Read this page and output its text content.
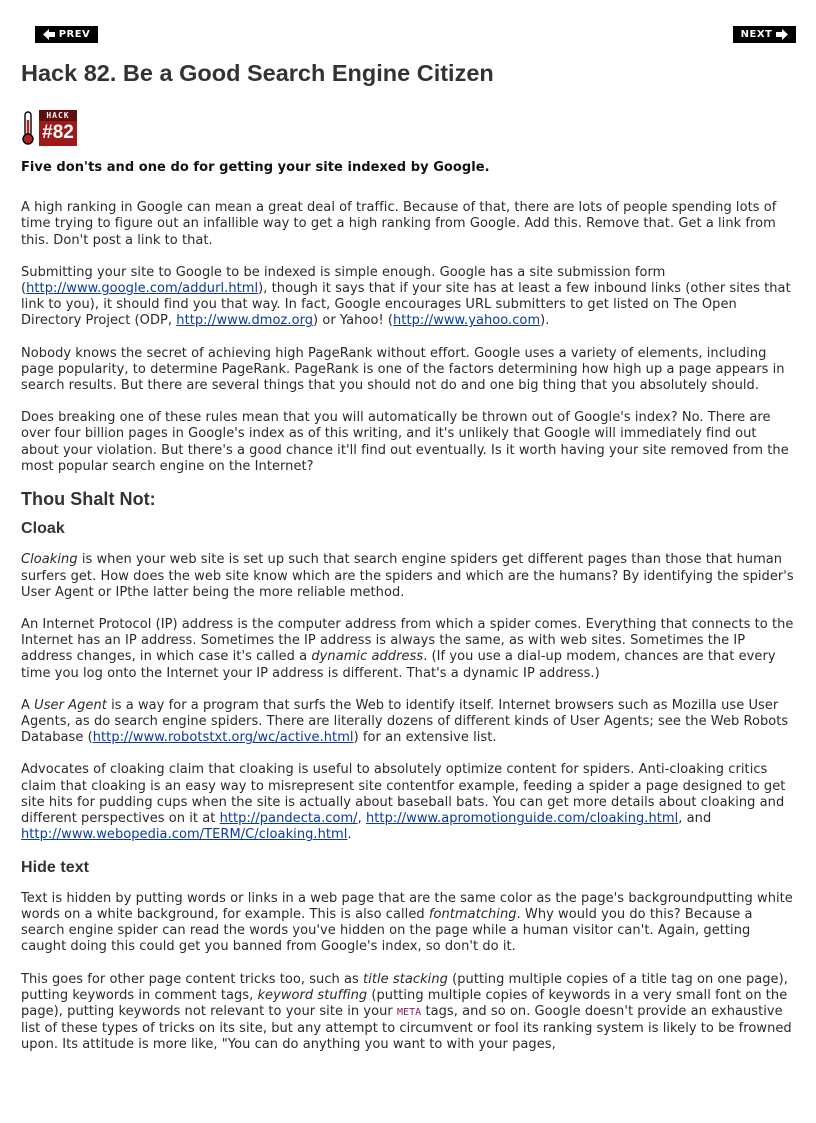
PREV	NEXT
Hack 82. Be a Good Search Engine Citizen
HACK
#82

Five don'ts and one do for getting your site indexed by Google.

A high ranking in Google can mean a great deal of traffic. Because of that, there are lots of people spending lots of time trying to figure out an infallible way to get a high ranking from Google. Add this. Remove that. Get a link from this. Don't post a link to that.

Submitting your site to Google to be indexed is simple enough. Google has a site submission form (http://www.google.com/addurl.html), though it says that if your site has at least a few inbound links (other sites that link to you), it should find you that way. In fact, Google encourages URL submitters to get listed on The Open Directory Project (ODP, http://www.dmoz.org) or Yahoo! (http://www.yahoo.com).

Nobody knows the secret of achieving high PageRank without effort. Google uses a variety of elements, including page popularity, to determine PageRank. PageRank is one of the factors determining how high up a page appears in search results. But there are several things that you should not do and one big thing that you absolutely should.

Does breaking one of these rules mean that you will automatically be thrown out of Google's index? No. There are over four billion pages in Google's index as of this writing, and it's unlikely that Google will immediately find out about your violation. But there's a good chance it'll find out eventually. Is it worth having your site removed from the most popular search engine on the Internet?

Thou Shalt Not:
Cloak

Cloaking is when your web site is set up such that search engine spiders get different pages than those that human surfers get. How does the web site know which are the spiders and which are the humans? By identifying the spider's User Agent or IPthe latter being the more reliable method.

An Internet Protocol (IP) address is the computer address from which a spider comes. Everything that connects to the Internet has an IP address. Sometimes the IP address is always the same, as with web sites. Sometimes the IP address changes, in which case it's called a dynamic address. (If you use a dial-up modem, chances are that every time you log onto the Internet your IP address is different. That's a dynamic IP address.)

A User Agent is a way for a program that surfs the Web to identify itself. Internet browsers such as Mozilla use User Agents, as do search engine spiders. There are literally dozens of different kinds of User Agents; see the Web Robots Database (http://www.robotstxt.org/wc/active.html) for an extensive list.

Advocates of cloaking claim that cloaking is useful to absolutely optimize content for spiders. Anti-cloaking critics claim that cloaking is an easy way to misrepresent site contentfor example, feeding a spider a page designed to get site hits for pudding cups when the site is actually about baseball bats. You can get more details about cloaking and different perspectives on it at http://pandecta.com/, http://www.apromotionguide.com/cloaking.html, and http://www.webopedia.com/TERM/C/cloaking.html.

Hide text

Text is hidden by putting words or links in a web page that are the same color as the page's backgroundputting white words on a white background, for example. This is also called fontmatching. Why would you do this? Because a search engine spider can read the words you've hidden on the page while a human visitor can't. Again, getting caught doing this could get you banned from Google's index, so don't do it.

This goes for other page content tricks too, such as title stacking (putting multiple copies of a title tag on one page), putting keywords in comment tags, keyword stuffing (putting multiple copies of keywords in a very small font on the page), putting keywords not relevant to your site in your META tags, and so on. Google doesn't provide an exhaustive list of these types of tricks on its site, but any attempt to circumvent or fool its ranking system is likely to be frowned upon. Its attitude is more like, "You can do anything you want to with your pages,
